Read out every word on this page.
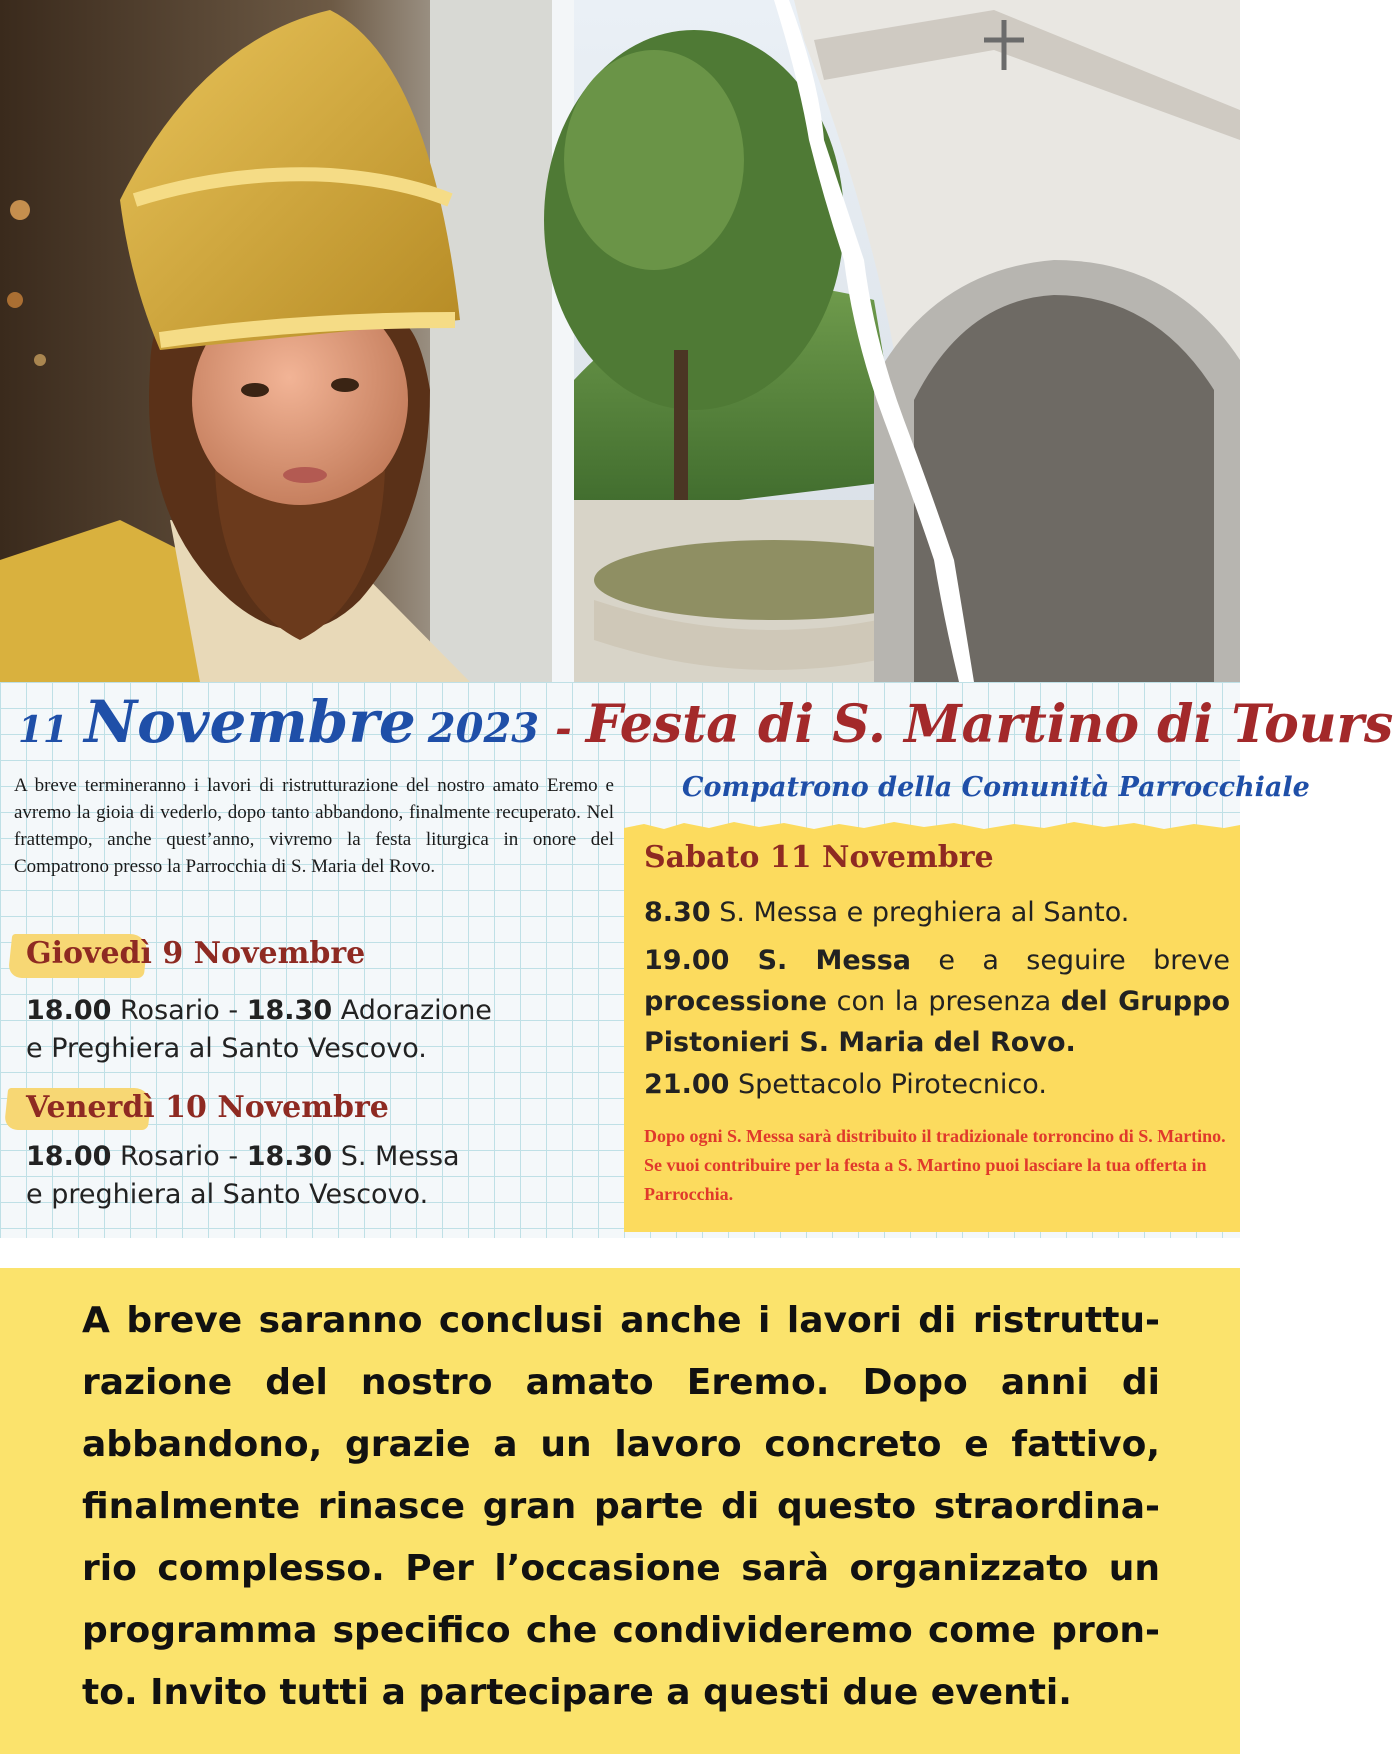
11 Novembre 2023 - Festa di S. Martino di Tours

A breve termineranno i lavori di ristrutturazione del nostro amato Eremo e avremo la gioia di vederlo, dopo tanto abbandono, finalmente recuperato. Nel frattempo, anche quest’anno, vivremo la festa liturgica in onore del Compatrono presso la Parrocchia di S. Maria del Rovo.

Compatrono della Comunità Parrocchiale
Giovedì 9 Novembre

18.00 Rosario - 18.30 Adorazione

e Preghiera al Santo Vescovo.

Venerdì 10 Novembre

18.00 Rosario - 18.30 S. Messa

e preghiera al Santo Vescovo.

Sabato 11 Novembre

8.30 S. Messa e preghiera al Santo.

19.00 S. Messa e a seguire breve processione con la presenza del Gruppo Pistonieri S. Maria del Rovo.

21.00 Spettacolo Pirotecnico.

Dopo ogni S. Messa sarà distribuito il tradizionale torroncino di S. Martino. Se vuoi contribuire per la festa a S. Martino puoi lasciare la tua offerta in Parrocchia.

A breve saranno conclusi anche i lavori di ristruttu-razione del nostro amato Eremo. Dopo anni di abbandono, grazie a un lavoro concreto e fattivo, finalmente rinasce gran parte di questo straordina-rio complesso. Per l’occasione sarà organizzato un programma specifico che condivideremo come pron-to. Invito tutti a partecipare a questi due eventi.
